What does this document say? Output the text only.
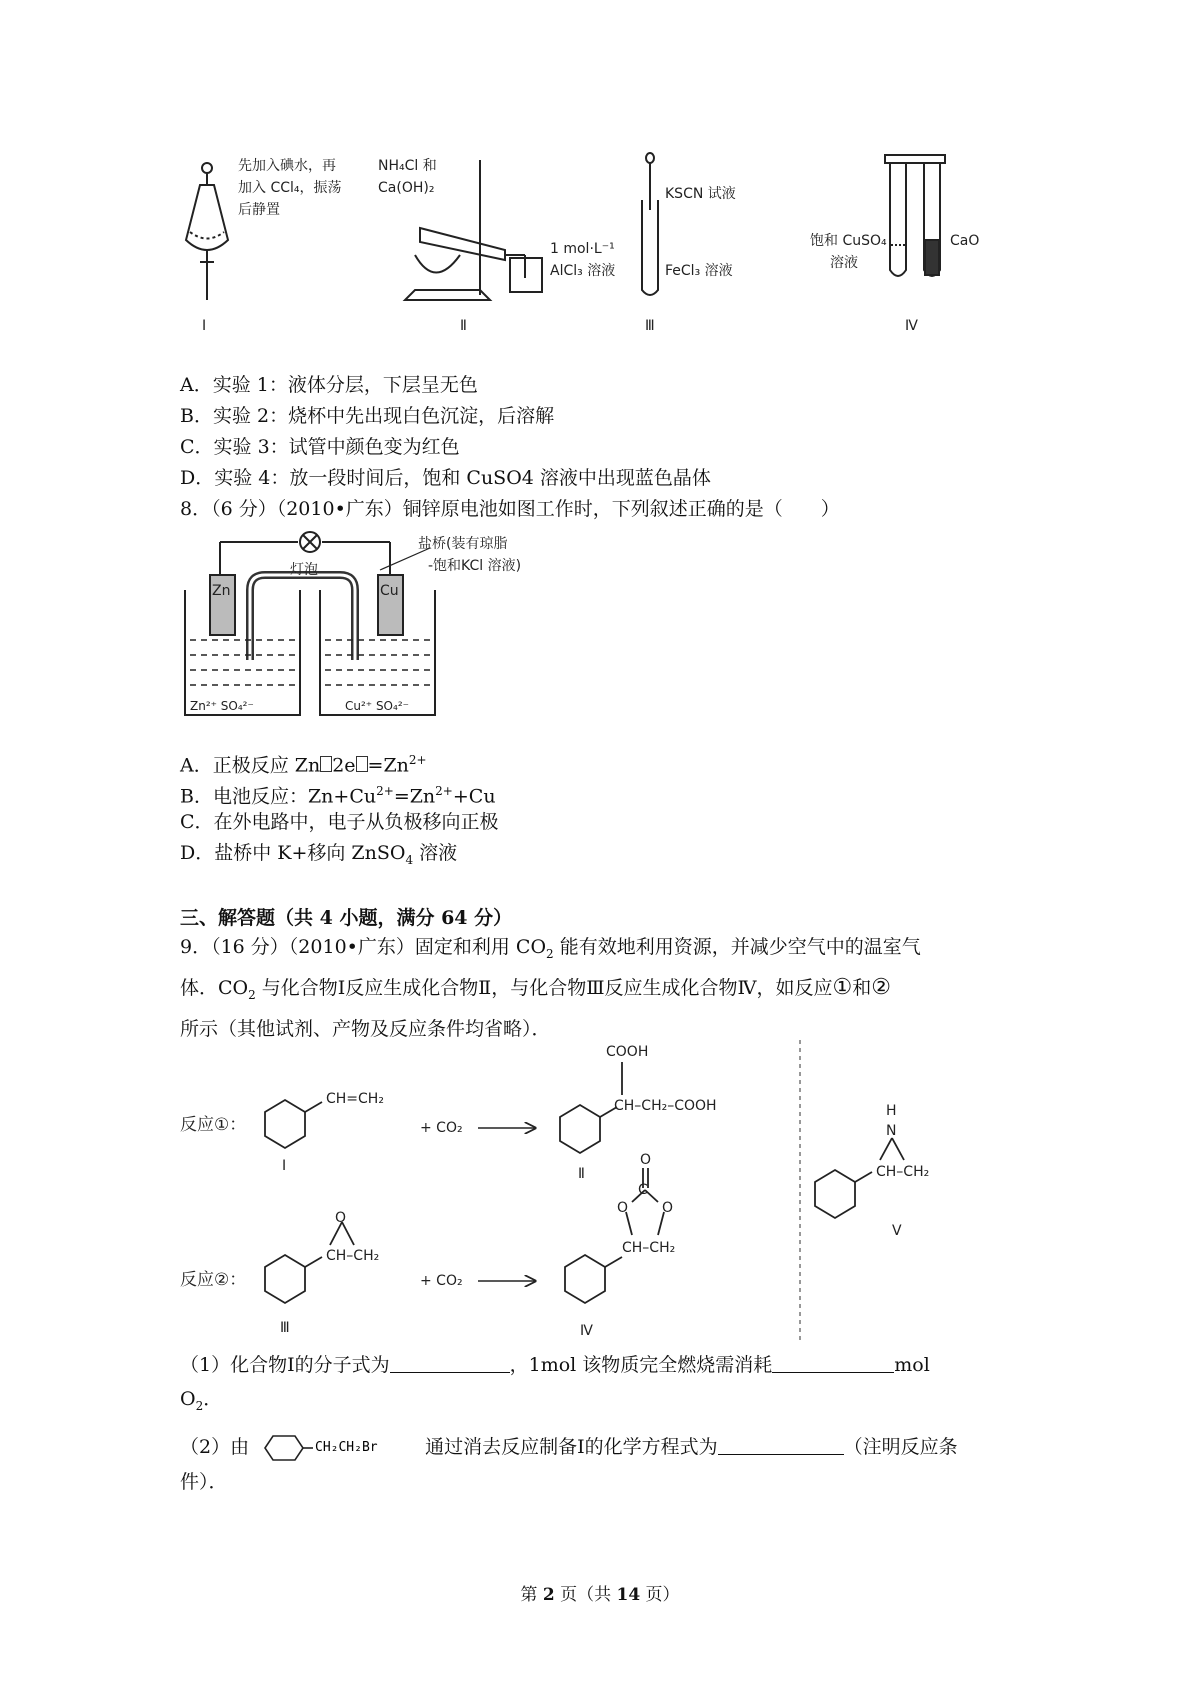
先加入碘水，再
加入 CCl₄，振荡
后静置
Ⅰ
NH₄Cl 和
Ca(OH)₂
1 mol·L⁻¹
AlCl₃ 溶液
Ⅱ
KSCN 试液
FeCl₃ 溶液
Ⅲ
饱和 CuSO₄
溶液
CaO
Ⅳ
A．实验 1：液体分层，下层呈无色
B．实验 2：烧杯中先出现白色沉淀，后溶解
C．实验 3：试管中颜色变为红色
D．实验 4：放一段时间后，饱和 CuSO4 溶液中出现蓝色晶体
8．（6 分）（2010•广东）铜锌原电池如图工作时，下列叙述正确的是（　　）
灯泡
盐桥(装有琼脂
-饱和KCl 溶液)
Zn	Cu
Zn²⁺ SO₄²⁻	Cu²⁺ SO₄²⁻
A．正极反应 Zn $2e =Zn^{2+}$
B．电池反应：$Zn+Cu^{2+}=Zn^{2+}+Cu$
C．在外电路中，电子从负极移向正极
D．盐桥中 K+移向 ZnSO$_4$ 溶液
三、解答题（共 4 小题，满分 64 分）
9．（16 分）（2010•广东）固定和利用 $CO_2$ 能有效地利用资源，并减少空气中的温室气
体．$CO_2$ 与化合物Ⅰ反应生成化合物Ⅱ，与化合物Ⅲ反应生成化合物Ⅳ，如反应①和②
所示（其他试剂、产物及反应条件均省略）．
反应①：
CH=CH₂
+ CO₂
Ⅰ
COOH
CH–CH₂–COOH
Ⅱ
反应②：
O
CH–CH₂
+ CO₂
Ⅲ
O
C
O O
CH–CH₂
Ⅳ
H
N
CH–CH₂
Ⅴ
（1）化合物Ⅰ的分子式为	，1mol 该物质完全燃烧需消耗	mol
$O_2$．
（2）由	CH₂CH₂Br 通过消去反应制备Ⅰ的化学方程式为	（注明反应条
件）．
第 2 页（共 14 页）
